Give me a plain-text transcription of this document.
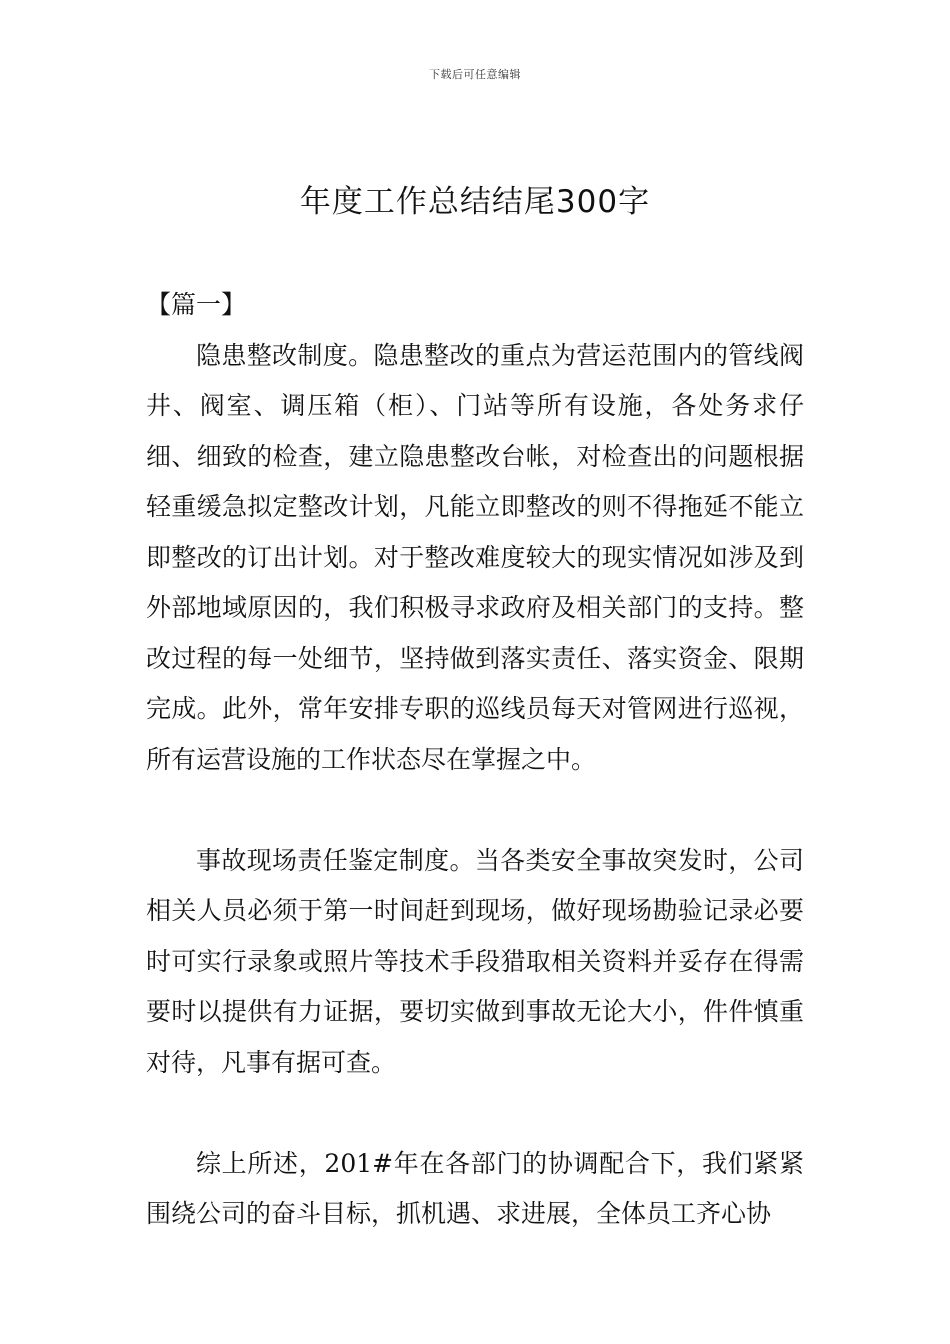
下载后可任意编辑
年度工作总结结尾300字
【篇一】

隐患整改制度。隐患整改的重点为营运范围内的管线阀井、阀室、调压箱（柜）、门站等所有设施，各处务求仔细、细致的检查，建立隐患整改台帐，对检查出的问题根据轻重缓急拟定整改计划，凡能立即整改的则不得拖延不能立即整改的订出计划。对于整改难度较大的现实情况如涉及到外部地域原因的，我们积极寻求政府及相关部门的支持。整改过程的每一处细节，坚持做到落实责任、落实资金、限期完成。此外，常年安排专职的巡线员每天对管网进行巡视，所有运营设施的工作状态尽在掌握之中。

事故现场责任鉴定制度。当各类安全事故突发时，公司相关人员必须于第一时间赶到现场，做好现场勘验记录必要时可实行录象或照片等技术手段猎取相关资料并妥存在得需要时以提供有力证据，要切实做到事故无论大小，件件慎重对待，凡事有据可查。

综上所述，201#年在各部门的协调配合下，我们紧紧围绕公司的奋斗目标，抓机遇、求进展，全体员工齐心协
